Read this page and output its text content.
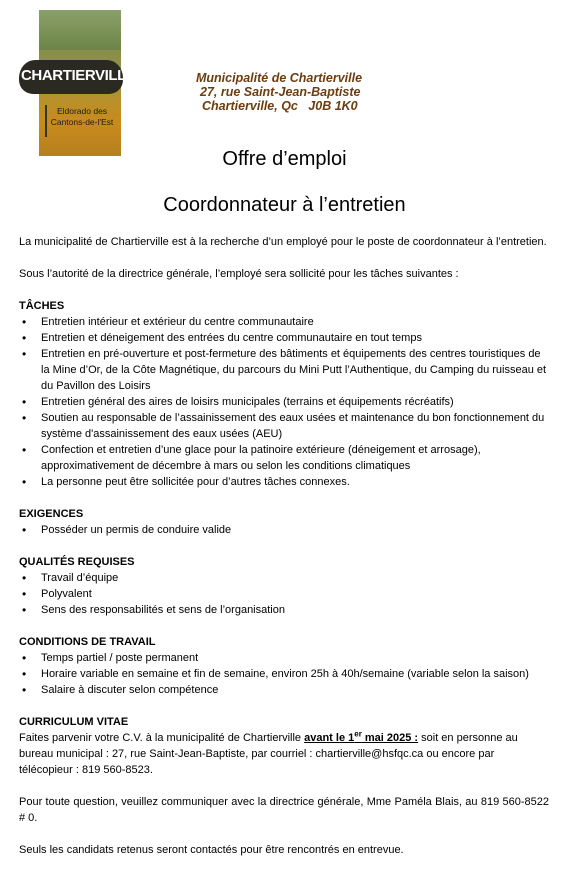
CHARTIERVILLE
Eldorado des
Cantons-de-l'Est
Municipalité de Chartierville
27, rue Saint-Jean-Baptiste
Chartierville, Qc   J0B 1K0
Offre d’emploi
Coordonnateur à l’entretien

La municipalité de Chartierville est à la recherche d’un employé pour le poste de coordonnateur à l’entretien.

Sous l’autorité de la directrice générale, l’employé sera sollicité pour les tâches suivantes :

TÂCHES

• Entretien intérieur et extérieur du centre communautaire
• Entretien et déneigement des entrées du centre communautaire en tout temps
• Entretien en pré-ouverture et post-fermeture des bâtiments et équipements des centres touristiques de la Mine d’Or, de la Côte Magnétique, du parcours du Mini Putt l’Authentique, du Camping du ruisseau et du Pavillon des Loisirs
• Entretien général des aires de loisirs municipales (terrains et équipements récréatifs)
• Soutien au responsable de l’assainissement des eaux usées et maintenance du bon fonctionnement du système d'assainissement des eaux usées (AEU)
• Confection et entretien d’une glace pour la patinoire extérieure (déneigement et arrosage), approximativement de décembre à mars ou selon les conditions climatiques
• La personne peut être sollicitée pour d’autres tâches connexes.

EXIGENCES

• Posséder un permis de conduire valide

QUALITÉS REQUISES

• Travail d’équipe
• Polyvalent
• Sens des responsabilités et sens de l’organisation

CONDITIONS DE TRAVAIL

• Temps partiel / poste permanent
• Horaire variable en semaine et fin de semaine, environ 25h à 40h/semaine (variable selon la saison)
• Salaire à discuter selon compétence

CURRICULUM VITAE

Faites parvenir votre C.V. à la municipalité de Chartierville avant le 1er mai 2025 : soit en personne au bureau municipal : 27, rue Saint-Jean-Baptiste, par courriel : chartierville@hsfqc.ca ou encore par télécopieur : 819 560-8523.

Pour toute question, veuillez communiquer avec la directrice générale, Mme Paméla Blais, au 819 560-8522 # 0.

Seuls les candidats retenus seront contactés pour être rencontrés en entrevue.
